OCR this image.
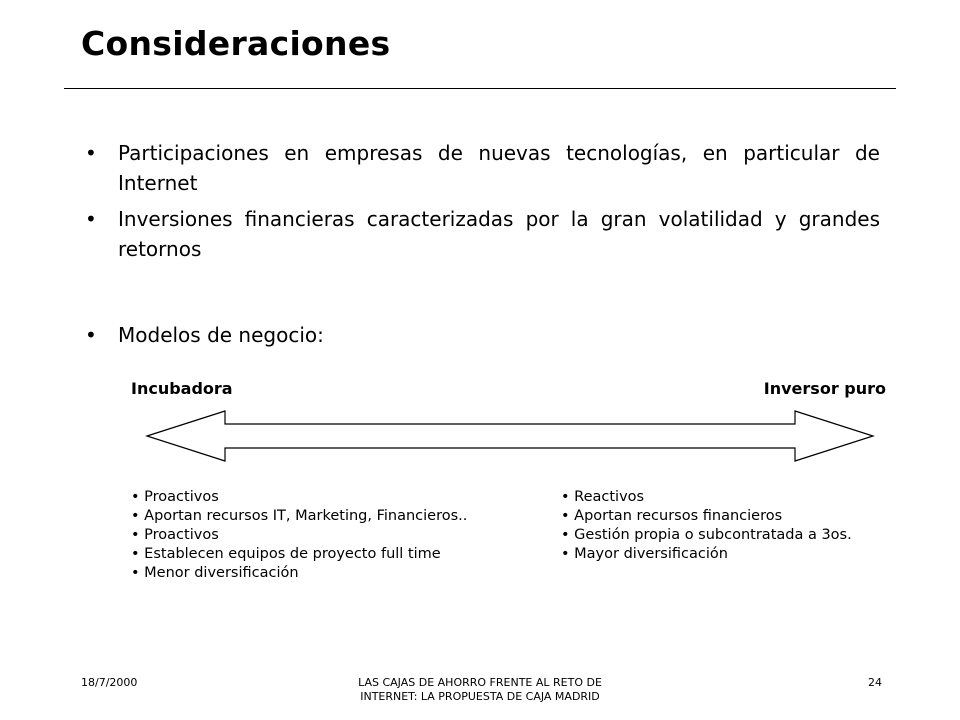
Consideraciones
• Participaciones en empresas de nuevas tecnologías, en particular de Internet
• Inversiones financieras caracterizadas por la gran volatilidad y grandes retornos
• Modelos de negocio:
Incubadora	Inversor puro
• Proactivos
• Aportan recursos IT, Marketing, Financieros..
• Proactivos
• Establecen equipos de proyecto full time
• Menor diversificación
• Reactivos
• Aportan recursos financieros
• Gestión propia o subcontratada a 3os.
• Mayor diversificación
18/7/2000	LAS CAJAS DE AHORRO FRENTE AL RETO DE
INTERNET: LA PROPUESTA DE CAJA MADRID
24
